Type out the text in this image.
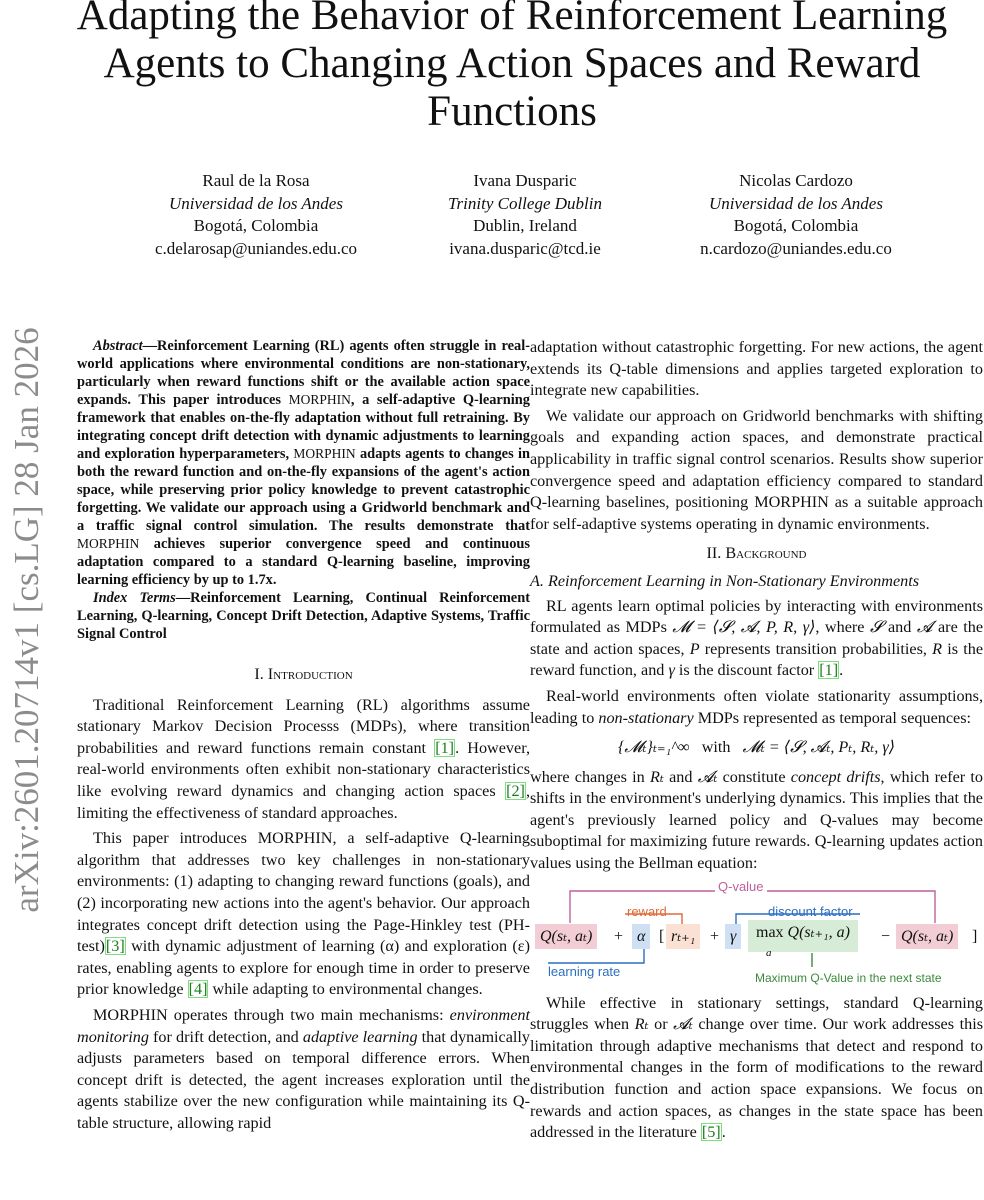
arXiv:2601.20714v1 [cs.LG] 28 Jan 2026
Adapting the Behavior of Reinforcement Learning Agents to Changing Action Spaces and Reward Functions
Raul de la Rosa
Universidad de los Andes
Bogotá, Colombia
c.delarosap@uniandes.edu.co
Ivana Dusparic
Trinity College Dublin
Dublin, Ireland
ivana.dusparic@tcd.ie
Nicolas Cardozo
Universidad de los Andes
Bogotá, Colombia
n.cardozo@uniandes.edu.co

Abstract—Reinforcement Learning (RL) agents often struggle in real-world applications where environmental conditions are non-stationary, particularly when reward functions shift or the available action space expands. This paper introduces MORPHIN, a self-adaptive Q-learning framework that enables on-the-fly adaptation without full retraining. By integrating concept drift detection with dynamic adjustments to learning and exploration hyperparameters, MORPHIN adapts agents to changes in both the reward function and on-the-fly expansions of the agent's action space, while preserving prior policy knowledge to prevent catastrophic forgetting. We validate our approach using a Gridworld benchmark and a traffic signal control simulation. The results demonstrate that MORPHIN achieves superior convergence speed and continuous adaptation compared to a standard Q-learning baseline, improving learning efficiency by up to 1.7x.

Index Terms—Reinforcement Learning, Continual Reinforcement Learning, Q-learning, Concept Drift Detection, Adaptive Systems, Traffic Signal Control

I. Introduction

Traditional Reinforcement Learning (RL) algorithms assume stationary Markov Decision Processs (MDPs), where transition probabilities and reward functions remain constant [1]. However, real-world environments often exhibit non-stationary characteristics like evolving reward dynamics and changing action spaces [2], limiting the effectiveness of standard approaches.

This paper introduces MORPHIN, a self-adaptive Q-learning algorithm that addresses two key challenges in non-stationary environments: (1) adapting to changing reward functions (goals), and (2) incorporating new actions into the agent's behavior. Our approach integrates concept drift detection using the Page-Hinkley test (PH-test)[3] with dynamic adjustment of learning (α) and exploration (ε) rates, enabling agents to explore for enough time in order to preserve prior knowledge [4] while adapting to environmental changes.

MORPHIN operates through two main mechanisms: environment monitoring for drift detection, and adaptive learning that dynamically adjusts parameters based on temporal difference errors. When concept drift is detected, the agent increases exploration until the agents stabilize over the new configuration while maintaining its Q-table structure, allowing rapid

adaptation without catastrophic forgetting. For new actions, the agent extends its Q-table dimensions and applies targeted exploration to integrate new capabilities.

We validate our approach on Gridworld benchmarks with shifting goals and expanding action spaces, and demonstrate practical applicability in traffic signal control scenarios. Results show superior convergence speed and adaptation efficiency compared to standard Q-learning baselines, positioning MORPHIN as a suitable approach for self-adaptive systems operating in dynamic environments.

II. Background
A. Reinforcement Learning in Non-Stationary Environments

RL agents learn optimal policies by interacting with environments formulated as MDPs 𝓜 = ⟨𝓢, 𝓐, P, R, γ⟩, where 𝓢 and 𝓐 are the state and action spaces, P represents transition probabilities, R is the reward function, and γ is the discount factor [1].

Real-world environments often violate stationarity assumptions, leading to non-stationary MDPs represented as temporal sequences:

{𝓜ₜ}ₜ₌₁^∞ with 𝓜ₜ = ⟨𝓢, 𝓐ₜ, Pₜ, Rₜ, γ⟩

where changes in Rₜ and 𝓐ₜ constitute concept drifts, which refer to shifts in the environment's underlying dynamics. This implies that the agent's previously learned policy and Q-values may become suboptimal for maximizing future rewards. Q-learning updates action values using the Bellman equation:

Q-value
reward	discount factor
Q(sₜ, aₜ)	+ α [ rₜ₊₁ + γ	max Q(sₜ₊₁, a)
a
− Q(sₜ, aₜ)	]
learning rate	Maximum Q-Value in the next state

While effective in stationary settings, standard Q-learning struggles when Rₜ or 𝓐ₜ change over time. Our work addresses this limitation through adaptive mechanisms that detect and respond to environmental changes in the form of modifications to the reward distribution function and action space expansions. We focus on rewards and action spaces, as changes in the state space has been addressed in the literature [5].
